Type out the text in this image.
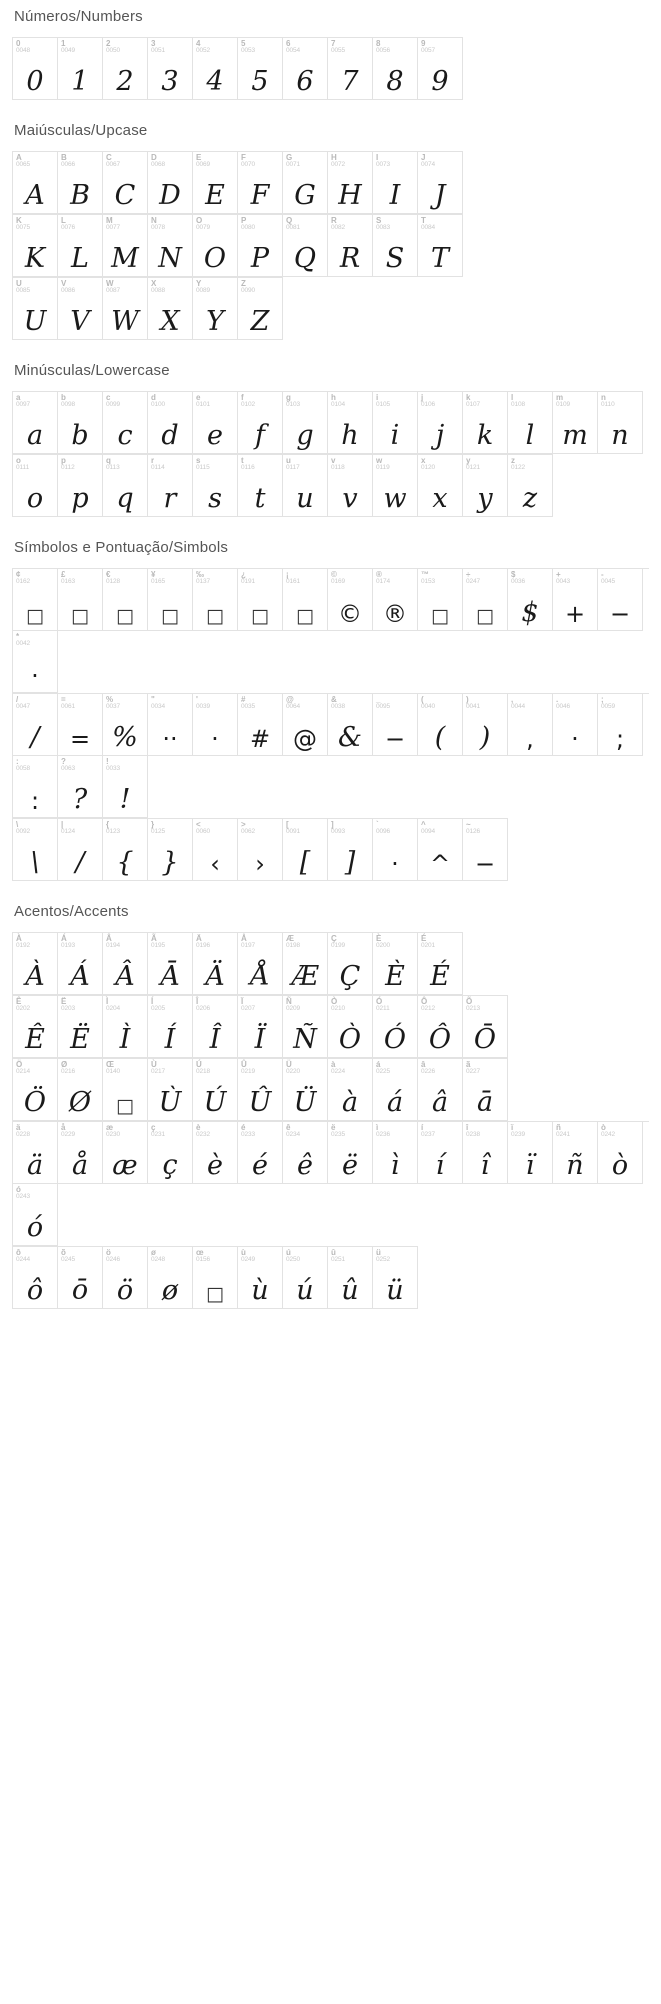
Números/Numbers
0
0048
0
1
0049
1
2
0050
2
3
0051
3
4
0052
4
5
0053
5
6
0054
6
7
0055
7
8
0056
8
9
0057
9
Maiúsculas/Upcase
A
0065
A
B
0066
B
C
0067
C
D
0068
D
E
0069
E
F
0070
F
G
0071
G
H
0072
H
I
0073
I
J
0074
J
K
0075
K
L
0076
L
M
0077
M
N
0078
N
O
0079
O
P
0080
P
Q
0081
Q
R
0082
R
S
0083
S
T
0084
T
U
0085
U
V
0086
V
W
0087
W
X
0088
X
Y
0089
Y
Z
0090
Z
Minúsculas/Lowercase
a
0097
a
b
0098
b
c
0099
c
d
0100
d
e
0101
e
f
0102
f
g
0103
g
h
0104
h
i
0105
i
j
0106
j
k
0107
k
l
0108
l
m
0109
m
n
0110
n
o
0111
o
p
0112
p
q
0113
q
r
0114
r
s
0115
s
t
0116
t
u
0117
u
v
0118
v
w
0119
w
x
0120
x
y
0121
y
z
0122
z
Símbolos e Pontuação/Simbols
¢
0162
□
£
0163
□
€
0128
□
¥
0165
□
‰
0137
□
¿
0191
□
¡
0161
□
©
0169
©
®
0174
®
™
0153
□
÷
0247
□
$
0036
$
+
0043
+
-
0045
−
*
0042
·
/
0047
/
=
0061
=
%
0037
%
"
0034
··
'
0039
·
#
0035
#
@
0064
@
&
0038
&
_
0095
−
(
0040
(
)
0041
)
,
0044
,
.
0046
·
;
0059
;
:
0058
:
?
0063
?
!
0033
!
\
0092
\
|
0124
/
{
0123
{
}
0125
}
<
0060
‹
>
0062
›
[
0091
[
]
0093
]
`
0096
·
^
0094
^
~
0126
−
Acentos/Accents
À
0192
À
Á
0193
Á
Â
0194
Â
Ã
0195
Ā
Ä
0196
Ä
Å
0197
Å
Æ
0198
Æ
Ç
0199
Ç
È
0200
È
É
0201
É
Ê
0202
Ê
Ë
0203
Ë
Ì
0204
Ì
Í
0205
Í
Î
0206
Î
Ï
0207
Ï
Ñ
0209
Ñ
Ò
0210
Ò
Ó
0211
Ó
Ô
0212
Ô
Õ
0213
Ō
Ö
0214
Ö
Ø
0216
Ø
Œ
0140
□
Ù
0217
Ù
Ú
0218
Ú
Û
0219
Û
Ü
0220
Ü
à
0224
à
á
0225
á
â
0226
â
ã
0227
ā
ä
0228
ä
å
0229
å
æ
0230
æ
ç
0231
ç
è
0232
è
é
0233
é
ê
0234
ê
ë
0235
ë
ì
0236
ì
í
0237
í
î
0238
î
ï
0239
ï
ñ
0241
ñ
ò
0242
ò
ó
0243
ó
ô
0244
ô
õ
0245
ō
ö
0246
ö
ø
0248
ø
œ
0156
□
ù
0249
ù
ú
0250
ú
û
0251
û
ü
0252
ü
